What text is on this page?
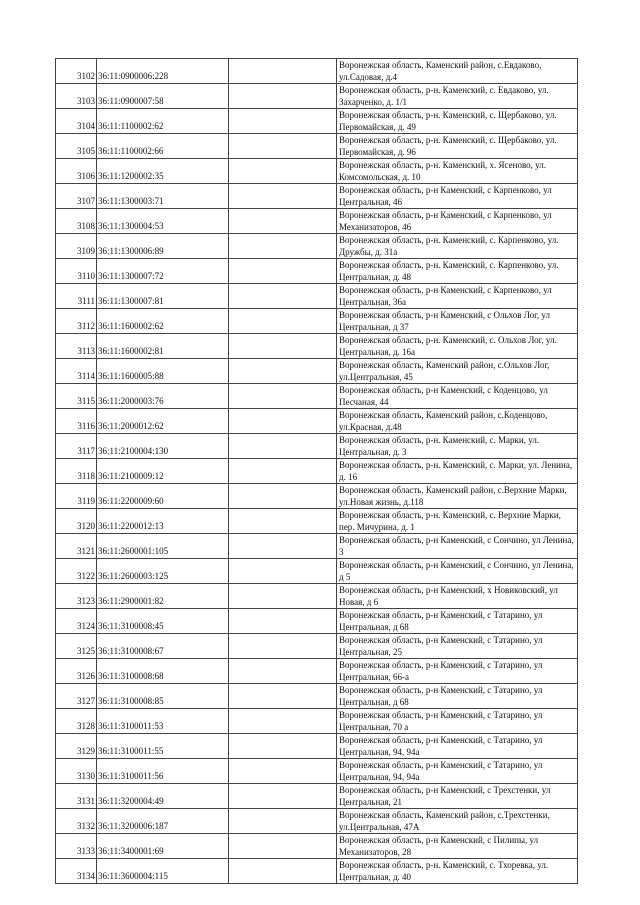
3102	36:11:0900006:228		Воронежская область, Каменский район, с.Евдаково, ул.Садовая, д.4
3103	36:11:0900007:58		Воронежская область, р-н. Каменский, с. Евдаково, ул. Захарченко, д. 1/1
3104	36:11:1100002:62		Воронежская область, р-н. Каменский, с. Щербаково, ул. Первомайская, д. 49
3105	36:11:1100002:66		Воронежская область, р-н. Каменский, с. Щербаково, ул. Первомайская, д. 96
3106	36:11:1200002:35		Воронежская область, р-н. Каменский, х. Ясеново, ул. Комсомольская, д. 10
3107	36:11:1300003:71		Воронежская область, р-н Каменский, с Карпенково, ул Центральная, 46
3108	36:11:1300004:53		Воронежская область, р-н Каменский, с Карпенково, ул Механизаторов, 46
3109	36:11:1300006:89		Воронежская область, р-н. Каменский, с. Карпенково, ул. Дружбы, д. 31а
3110	36:11:1300007:72		Воронежская область, р-н. Каменский, с. Карпенково, ул. Центральная, д. 48
3111	36:11:1300007:81		Воронежская область, р-н Каменский, с Карпенково, ул Центральная, 36а
3112	36:11:1600002:62		Воронежская область, р-н Каменский, с Ольхов Лог, ул Центральная, д 37
3113	36:11:1600002:81		Воронежская область, р-н. Каменский, с. Ольхов Лог, ул. Центральная, д. 16а
3114	36:11:1600005:88		Воронежская область, Каменский район, с.Ольхов Лог, ул.Центральная, 45
3115	36:11:2000003:76		Воронежская область, р-н Каменский, с Коденцово, ул Песчаная, 44
3116	36:11:2000012:62		Воронежская область, Каменский район, с.Коденцово, ул.Красная, д.48
3117	36:11:2100004:130		Воронежская область, р-н. Каменский, с. Марки, ул. Центральная, д. 3
3118	36:11:2100009:12		Воронежская область, р-н. Каменский, с. Марки, ул. Ленина, д. 16
3119	36:11:2200009:60		Воронежская область, Каменский район, с.Верхние Марки, ул.Новая жизнь, д.118
3120	36:11:2200012:13		Воронежская область, р-н. Каменский, с. Верхние Марки, пер. Мичурина, д. 1
3121	36:11:2600001:105		Воронежская область, р-н Каменский, с Сончино, ул Ленина, 3
3122	36:11:2600003:125		Воронежская область, р-н Каменский, с Сончино, ул Ленина, д 5
3123	36:11:2900001:82		Воронежская область, р-н Каменский, х Новиковский, ул Новая, д 6
3124	36:11:3100008:45		Воронежская область, р-н Каменский, с Татарино, ул Центральная, д 68
3125	36:11:3100008:67		Воронежская область, р-н Каменский, с Татарино, ул Центральная, 25
3126	36:11:3100008:68		Воронежская область, р-н Каменский, с Татарино, ул Центральная, 66-а
3127	36:11:3100008:85		Воронежская область, р-н Каменский, с Татарино, ул Центральная, д 68
3128	36:11:3100011:53		Воронежская область, р-н Каменский, с Татарино, ул Центральная, 70 а
3129	36:11:3100011:55		Воронежская область, р-н Каменский, с Татарино, ул Центральная, 94, 94а
3130	36:11:3100011:56		Воронежская область, р-н Каменский, с Татарино, ул Центральная, 94, 94а
3131	36:11:3200004:49		Воронежская область, р-н Каменский, с Трехстенки, ул Центральная, 21
3132	36:11:3200006:187		Воронежская область, Каменский район, с.Трехстенки, ул.Центральная, 47А
3133	36:11:3400001:69		Воронежская область, р-н Каменский, с Пилипы, ул Механизаторов, 28
3134	36:11:3600004:115		Воронежская область, р-н. Каменский, с. Тхоревка, ул. Центральная, д. 40
